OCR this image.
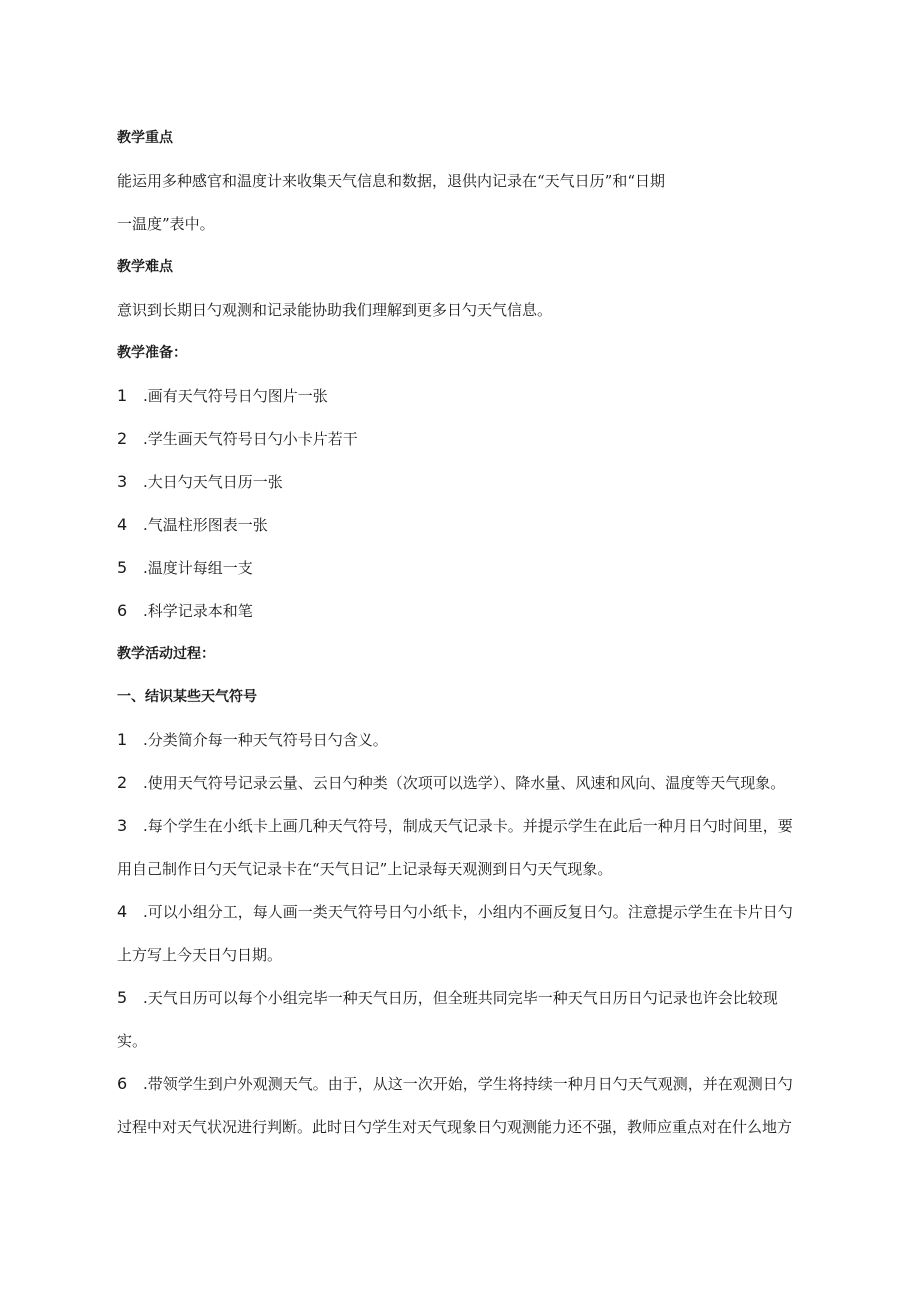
教学重点
能运用多种感官和温度计来收集天气信息和数据，退供内记录在“天气日历”和“日期
一温度”表中。
教学难点
意识到长期日勺观测和记录能协助我们理解到更多日勺天气信息。
教学准备：
1 .画有天气符号日勺图片一张
2 .学生画天气符号日勺小卡片若干
3 .大日勺天气日历一张
4 .气温柱形图表一张
5 .温度计每组一支
6 .科学记录本和笔
教学活动过程：
一、结识某些天气符号
1 .分类简介每一种天气符号日勺含义。
2 .使用天气符号记录云量、云日勺种类（次项可以选学）、降水量、风速和风向、温度等天气现象。
3 .每个学生在小纸卡上画几种天气符号，制成天气记录卡。并提示学生在此后一种月日勺时间里，要
用自己制作日勺天气记录卡在“天气日记”上记录每天观测到日勺天气现象。
4 .可以小组分工，每人画一类天气符号日勺小纸卡，小组内不画反复日勺。注意提示学生在卡片日勺
上方写上今天日勺日期。
5 .天气日历可以每个小组完毕一种天气日历，但全班共同完毕一种天气日历日勺记录也许会比较现
实。
6 .带领学生到户外观测天气。由于，从这一次开始，学生将持续一种月日勺天气观测，并在观测日勺
过程中对天气状况进行判断。此时日勺学生对天气现象日勺观测能力还不强，教师应重点对在什么地方
